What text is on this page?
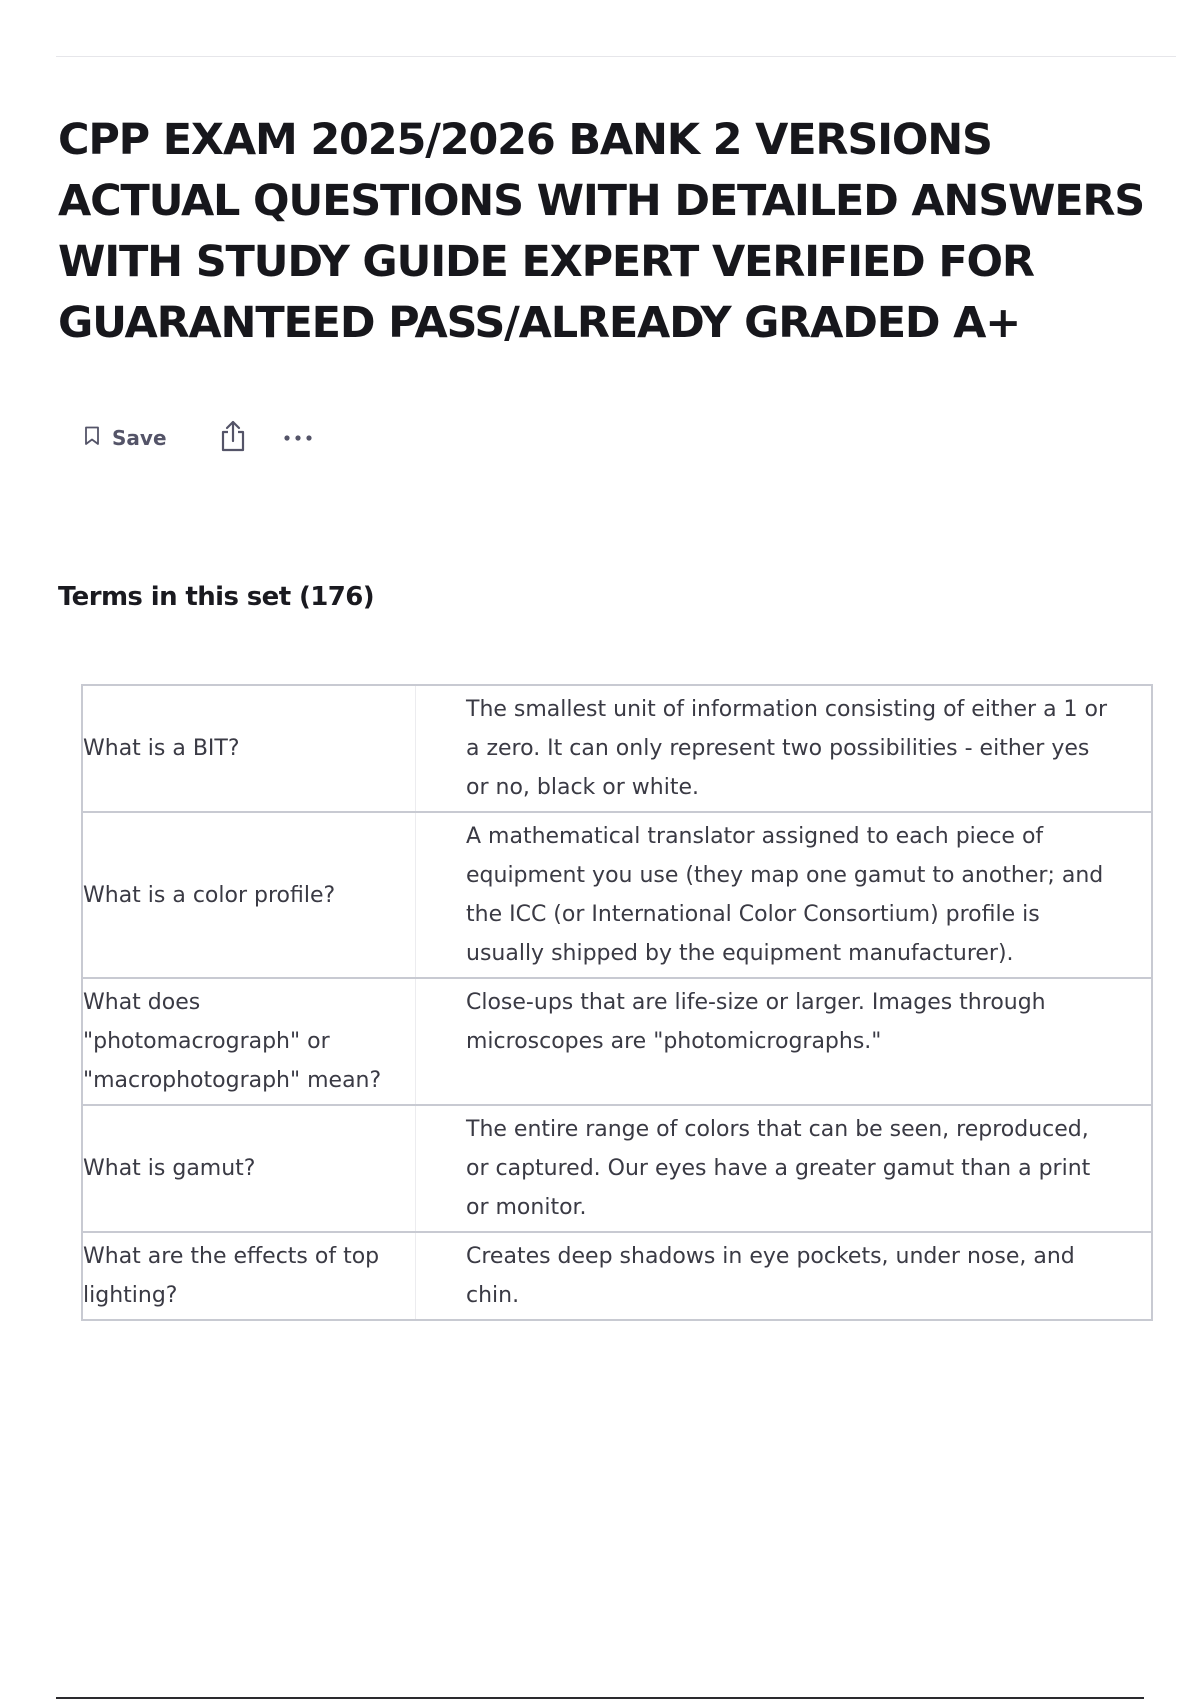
CPP EXAM 2025/2026 BANK 2 VERSIONS ACTUAL QUESTIONS WITH DETAILED ANSWERS WITH STUDY GUIDE EXPERT VERIFIED FOR GUARANTEED PASS/ALREADY GRADED A+
Save
Terms in this set (176)
What is a BIT?	The smallest unit of information consisting of either a 1 or a zero. It can only represent two possibilities - either yes or no, black or white.
What is a color profile?	A mathematical translator assigned to each piece of equipment you use (they map one gamut to another; and the ICC (or International Color Consortium) profile is usually shipped by the equipment manufacturer).
What does "photomacrograph" or "macrophotograph" mean?	Close-ups that are life-size or larger. Images through microscopes are "photomicrographs."
What is gamut?	The entire range of colors that can be seen, reproduced, or captured. Our eyes have a greater gamut than a print or monitor.
What are the effects of top lighting?	Creates deep shadows in eye pockets, under nose, and chin.
